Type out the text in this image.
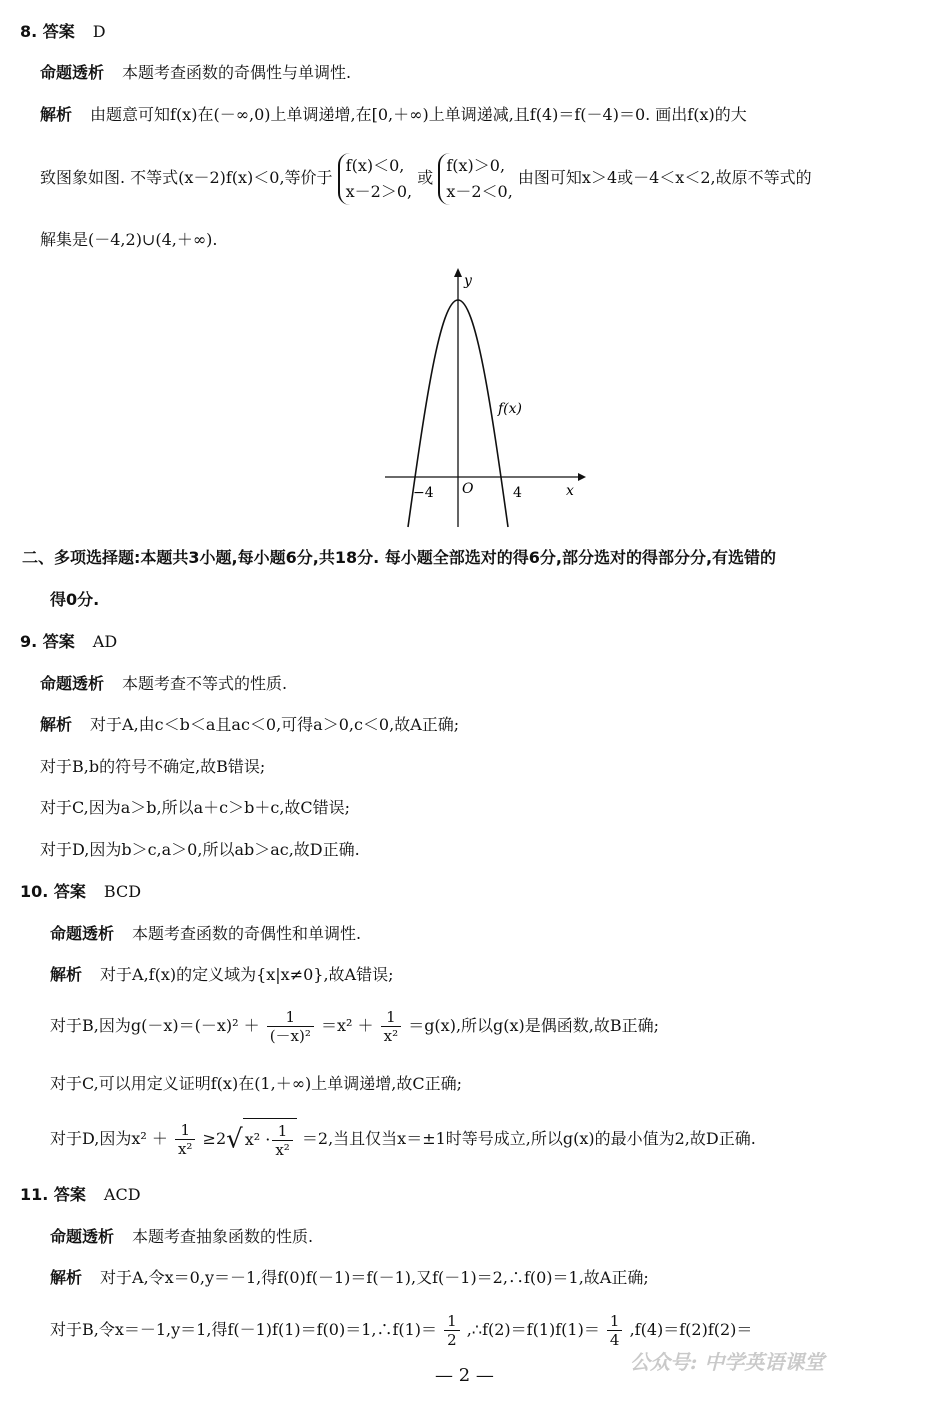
8. 答案 D
命题透析 本题考查函数的奇偶性与单调性.
解析 由题意可知f(x)在(－∞,0)上单调递增,在[0,＋∞)上单调递减,且f(4)＝f(－4)＝0. 画出f(x)的大
致图象如图. 不等式(x－2)f(x)＜0,等价于
f(x)＜0,
x－2＞0,
或
f(x)＞0,
x－2＜0,
由图可知x＞4或－4＜x＜2,故原不等式的
解集是(－4,2)∪(4,＋∞).
y
x
O
−4	4
f(x)
二、多项选择题:本题共3小题,每小题6分,共18分. 每小题全部选对的得6分,部分选对的得部分分,有选错的
得0分.
9. 答案 AD
命题透析 本题考查不等式的性质.
解析 对于A,由c＜b＜a且ac＜0,可得a＞0,c＜0,故A正确;
对于B,b的符号不确定,故B错误;
对于C,因为a＞b,所以a＋c＞b＋c,故C错误;
对于D,因为b＞c,a＞0,所以ab＞ac,故D正确.
10. 答案 BCD
命题透析 本题考查函数的奇偶性和单调性.
解析 对于A,f(x)的定义域为{x|x≠0},故A错误;
对于B,因为$g(-x)=(-x)^2 + \frac{1}{\text{(－x)²}} =x^2 + \frac{1}{\text{x²}} =g(x)$,所以g(x)是偶函数,故B正确;
对于C,可以用定义证明f(x)在(1,＋∞)上单调递增,故C正确;
对于D,因为$x^2 + \frac{1}{\text{x²}} \ge 2√$ $x^2 \cdot \frac{1}{\text{x²}} =2$,当且仅当x＝±1时等号成立,所以g(x)的最小值为2,故D正确.
11. 答案 ACD
命题透析 本题考查抽象函数的性质.
解析 对于A,令x＝0,y＝－1,得f(0)f(－1)＝f(－1),又f(－1)＝2,∴f(0)＝1,故A正确;
对于B,令x＝－1,y＝1,得f(－1)f(1)＝f(0)＝1,∴f(1)＝ $\frac{1}{2}$ ,∴f(2)＝f(1)f(1)＝ $\frac{1}{4} ,f(4)=f(2)f(2)=$
— 2 —
公众号: 中学英语课堂
